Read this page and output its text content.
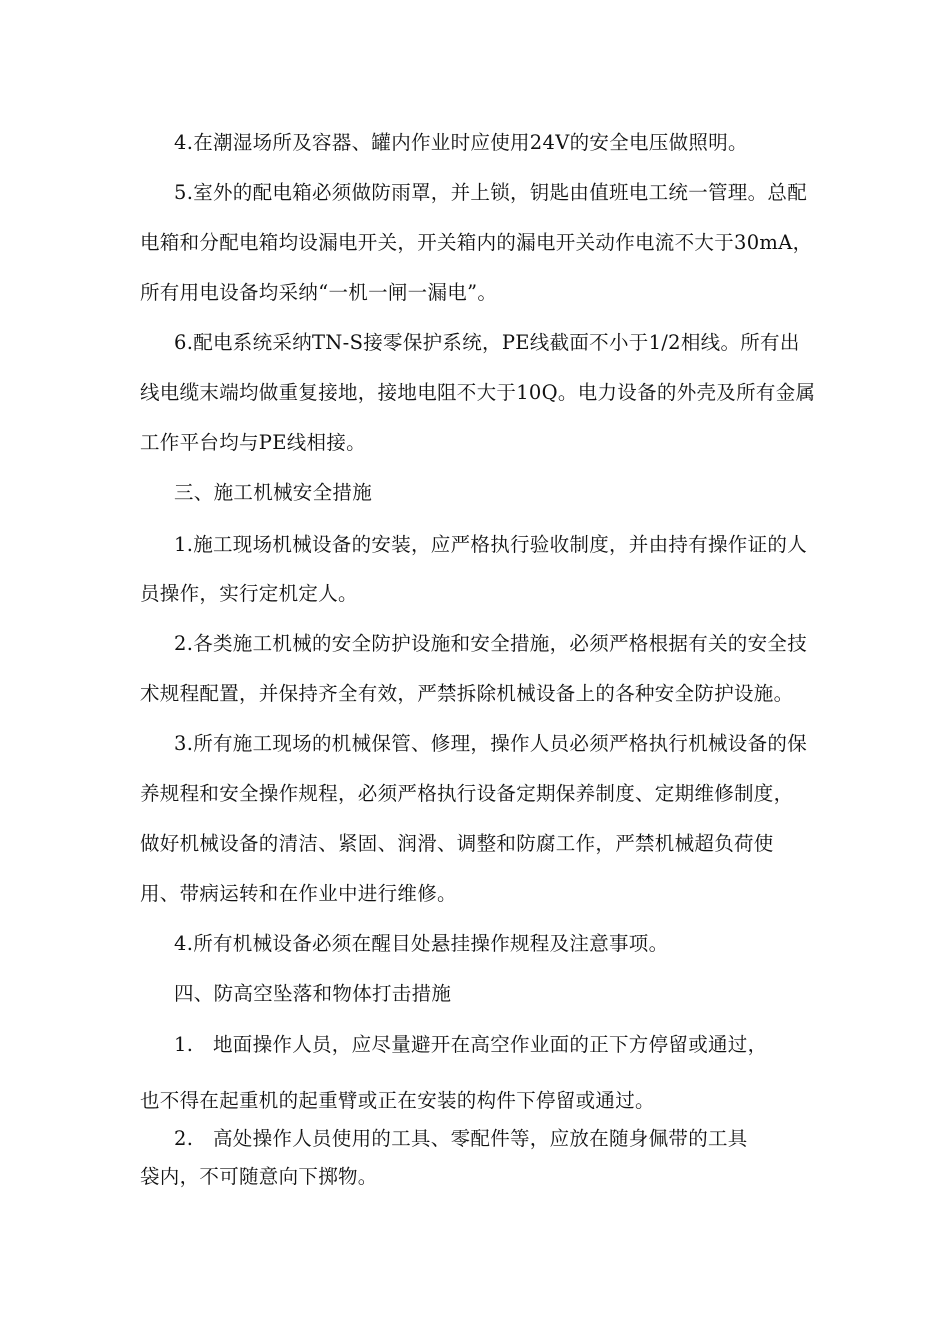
4.在潮湿场所及容器、罐内作业时应使用24V的安全电压做照明。
5.室外的配电箱必须做防雨罩，并上锁，钥匙由值班电工统一管理。总配
电箱和分配电箱均设漏电开关，开关箱内的漏电开关动作电流不大于30mA，
所有用电设备均采纳“一机一闸一漏电”。
6.配电系统采纳TN-S接零保护系统，PE线截面不小于1/2相线。所有出
线电缆末端均做重复接地，接地电阻不大于10Q。电力设备的外壳及所有金属
工作平台均与PE线相接。
三、施工机械安全措施
1.施工现场机械设备的安装，应严格执行验收制度，并由持有操作证的人
员操作，实行定机定人。
2.各类施工机械的安全防护设施和安全措施，必须严格根据有关的安全技
术规程配置，并保持齐全有效，严禁拆除机械设备上的各种安全防护设施。
3.所有施工现场的机械保管、修理，操作人员必须严格执行机械设备的保
养规程和安全操作规程，必须严格执行设备定期保养制度、定期维修制度，
做好机械设备的清洁、紧固、润滑、调整和防腐工作，严禁机械超负荷使
用、带病运转和在作业中进行维修。
4.所有机械设备必须在醒目处悬挂操作规程及注意事项。
四、防高空坠落和物体打击措施
1.　地面操作人员，应尽量避开在高空作业面的正下方停留或通过，
也不得在起重机的起重臂或正在安装的构件下停留或通过。
2.　高处操作人员使用的工具、零配件等，应放在随身佩带的工具
袋内，不可随意向下掷物。
